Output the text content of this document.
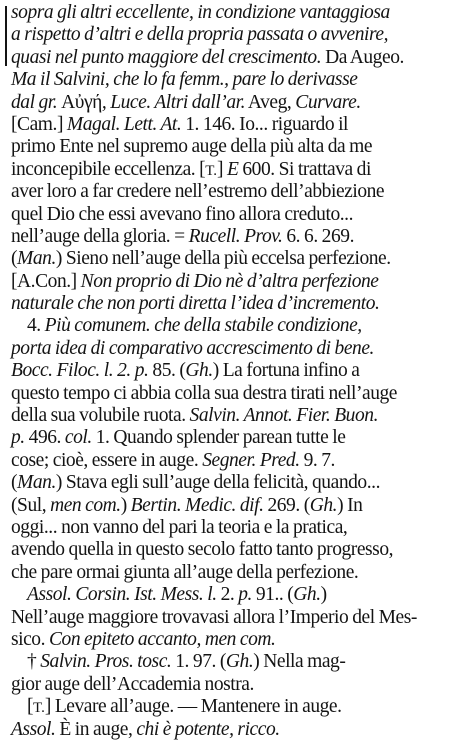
sopra gli altri eccellente, in condizione vantaggiosa
a rispetto d’altri e della propria passata o avvenire,
quasi nel punto maggiore del crescimento. Da Augeo.
Ma il Salvini, che lo fa femm., pare lo derivasse
dal gr. Αὐγή, Luce. Altri dall’ar. Aveg, Curvare.
[Cam.] Magal. Lett. At. 1. 146. Io... riguardo il
primo Ente nel supremo auge della più alta da me
inconcepibile eccellenza. [T.] E 600. Si trattava di
aver loro a far credere nell’estremo dell’abbiezione
quel Dio che essi avevano fino allora creduto...
nell’auge della gloria. = Rucell. Prov. 6. 6. 269.
(Man.) Sieno nell’auge della più eccelsa perfezione.
[A.Con.] Non proprio di Dio nè d’altra perfezione
naturale che non porti diretta l’idea d’incremento.
4. Più comunem. che della stabile condizione,
porta idea di comparativo accrescimento di bene.
Bocc. Filoc. l. 2. p. 85. (Gh.) La fortuna infino a
questo tempo ci abbia colla sua destra tirati nell’auge
della sua volubile ruota. Salvin. Annot. Fier. Buon.
p. 496. col. 1. Quando splender parean tutte le
cose; cioè, essere in auge. Segner. Pred. 9. 7.
(Man.) Stava egli sull’auge della felicità, quando...
(Sul, men com.) Bertin. Medic. dif. 269. (Gh.) In
oggi... non vanno del pari la teoria e la pratica,
avendo quella in questo secolo fatto tanto progresso,
che pare ormai giunta all’auge della perfezione.
Assol. Corsin. Ist. Mess. l. 2. p. 91.. (Gh.)
Nell’auge maggiore trovavasi allora l’Imperio del Mes-
sico. Con epiteto accanto, men com.
† Salvin. Pros. tosc. 1. 97. (Gh.) Nella mag-
gior auge dell’Accademia nostra.
[T.] Levare all’auge. — Mantenere in auge.
Assol. È in auge, chi è potente, ricco.
